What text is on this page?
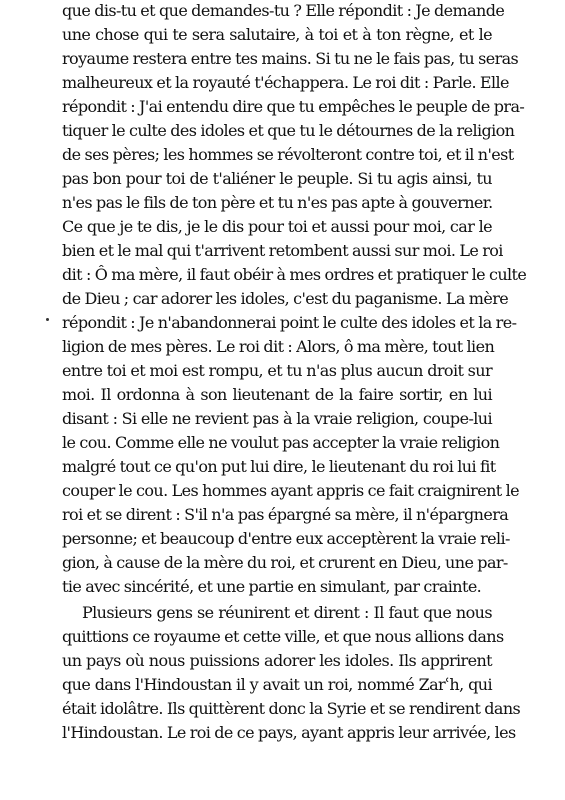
que dis-tu et que demandes-tu ? Elle répondit : Je demande
une chose qui te sera salutaire, à toi et à ton règne, et le
royaume restera entre tes mains. Si tu ne le fais pas, tu seras
malheureux et la royauté t'échappera. Le roi dit : Parle. Elle
répondit : J'ai entendu dire que tu empêches le peuple de pra-
tiquer le culte des idoles et que tu le détournes de la religion
de ses pères; les hommes se révolteront contre toi, et il n'est
pas bon pour toi de t'aliéner le peuple. Si tu agis ainsi, tu
n'es pas le fils de ton père et tu n'es pas apte à gouverner.
Ce que je te dis, je le dis pour toi et aussi pour moi, car le
bien et le mal qui t'arrivent retombent aussi sur moi. Le roi
dit : Ô ma mère, il faut obéir à mes ordres et pratiquer le culte
de Dieu ; car adorer les idoles, c'est du paganisme. La mère
répondit : Je n'abandonnerai point le culte des idoles et la re-
ligion de mes pères. Le roi dit : Alors, ô ma mère, tout lien
entre toi et moi est rompu, et tu n'as plus aucun droit sur
moi. Il ordonna à son lieutenant de la faire sortir, en lui
disant : Si elle ne revient pas à la vraie religion, coupe-lui
le cou. Comme elle ne voulut pas accepter la vraie religion
malgré tout ce qu'on put lui dire, le lieutenant du roi lui fit
couper le cou. Les hommes ayant appris ce fait craignirent le
roi et se dirent : S'il n'a pas épargné sa mère, il n'épargnera
personne; et beaucoup d'entre eux acceptèrent la vraie reli-
gion, à cause de la mère du roi, et crurent en Dieu, une par-
tie avec sincérité, et une partie en simulant, par crainte.
Plusieurs gens se réunirent et dirent : Il faut que nous
quittions ce royaume et cette ville, et que nous allions dans
un pays où nous puissions adorer les idoles. Ils apprirent
que dans l'Hindoustan il y avait un roi, nommé Zarʿh, qui
était idolâtre. Ils quittèrent donc la Syrie et se rendirent dans
l'Hindoustan. Le roi de ce pays, ayant appris leur arrivée, les
